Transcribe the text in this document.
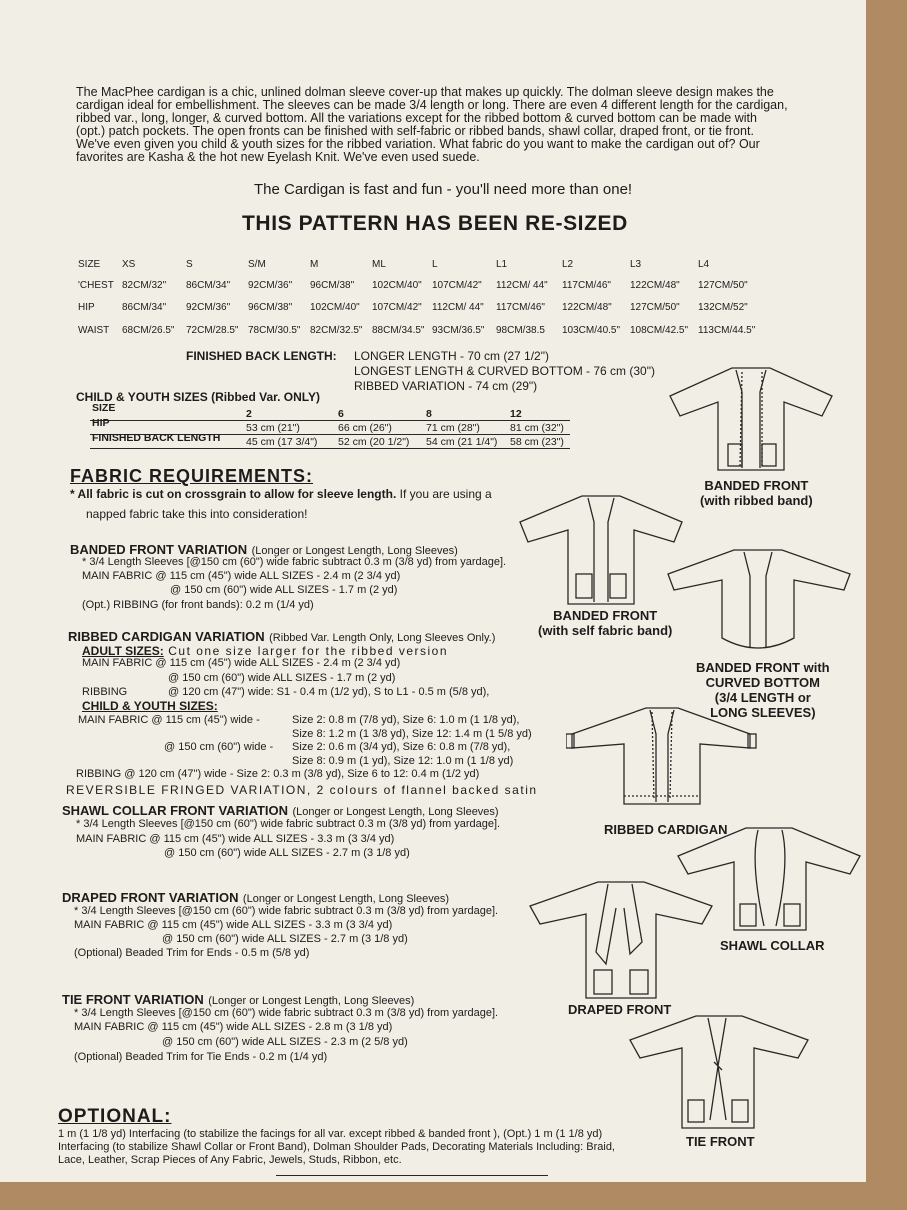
The MacPhee cardigan is a chic, unlined dolman sleeve cover-up that makes up quickly. The dolman sleeve design makes the cardigan ideal for embellishment. The sleeves can be made 3/4 length or long. There are even 4 different length for the cardigan, ribbed var., long, longer, & curved bottom. All the variations except for the ribbed bottom & curved bottom can be made with (opt.) patch pockets. The open fronts can be finished with self-fabric or ribbed bands, shawl collar, draped front, or tie front. We've even given you child & youth sizes for the ribbed variation. What fabric do you want to make the cardigan out of? Our favorites are Kasha & the hot new Eyelash Knit. We've even used suede.
The Cardigan is fast and fun - you'll need more than one!
THIS PATTERN HAS BEEN RE-SIZED
SIZE XS	S	S/M	M	ML	L	L1	L2	L3	L4
'CHEST 82CM/32" 86CM/34" 92CM/36" 96CM/38" 102CM/40" 107CM/42" 112CM/ 44" 117CM/46" 122CM/48" 127CM/50"
HIP	86CM/34" 92CM/36" 96CM/38" 102CM/40" 107CM/42" 112CM/ 44" 117CM/46" 122CM/48" 127CM/50" 132CM/52"
WAIST 68CM/26.5" 72CM/28.5" 78CM/30.5" 82CM/32.5" 88CM/34.5" 93CM/36.5" 98CM/38.5 103CM/40.5" 108CM/42.5" 113CM/44.5"
FINISHED BACK LENGTH: LONGER LENGTH - 70 cm (27 1/2")
LONGEST LENGTH & CURVED BOTTOM - 76 cm (30")
RIBBED VARIATION - 74 cm (29")
CHILD & YOUTH SIZES (Ribbed Var. ONLY)
SIZE	2	6	8	12
HIP	53 cm (21")	66 cm (26")	71 cm (28")	81 cm (32")
FINISHED BACK LENGTH 45 cm (17 3/4") 52 cm (20 1/2") 54 cm (21 1/4") 58 cm (23")
FABRIC REQUIREMENTS:
* All fabric is cut on crossgrain to allow for sleeve length. If you are using a
napped fabric take this into consideration!
BANDED FRONT VARIATION (Longer or Longest Length, Long Sleeves)
* 3/4 Length Sleeves [@150 cm (60") wide fabric subtract 0.3 m (3/8 yd) from yardage].
MAIN FABRIC @ 115 cm (45") wide ALL SIZES - 2.4 m (2 3/4 yd)
@ 150 cm (60") wide ALL SIZES - 1.7 m (2 yd)
(Opt.) RIBBING (for front bands): 0.2 m (1/4 yd)
RIBBED CARDIGAN VARIATION (Ribbed Var. Length Only, Long Sleeves Only.)
ADULT SIZES: Cut one size larger for the ribbed version
MAIN FABRIC @ 115 cm (45") wide ALL SIZES - 2.4 m (2 3/4 yd)
@ 150 cm (60") wide ALL SIZES - 1.7 m (2 yd)
RIBBING	@ 120 cm (47") wide: S1 - 0.4 m (1/2 yd), S to L1 - 0.5 m (5/8 yd),
CHILD & YOUTH SIZES:
MAIN FABRIC @ 115 cm (45") wide -	Size 2: 0.8 m (7/8 yd), Size 6: 1.0 m (1 1/8 yd),
Size 8: 1.2 m (1 3/8 yd), Size 12: 1.4 m (1 5/8 yd)
@ 150 cm (60") wide - Size 2: 0.6 m (3/4 yd), Size 6: 0.8 m (7/8 yd),
Size 8: 0.9 m (1 yd), Size 12: 1.0 m (1 1/8 yd)
RIBBING @ 120 cm (47") wide - Size 2: 0.3 m (3/8 yd), Size 6 to 12: 0.4 m (1/2 yd)
REVERSIBLE FRINGED VARIATION, 2 colours of flannel backed satin
SHAWL COLLAR FRONT VARIATION (Longer or Longest Length, Long Sleeves)
* 3/4 Length Sleeves [@150 cm (60") wide fabric subtract 0.3 m (3/8 yd) from yardage].
MAIN FABRIC @ 115 cm (45") wide ALL SIZES - 3.3 m (3 3/4 yd)
@ 150 cm (60") wide ALL SIZES - 2.7 m (3 1/8 yd)
DRAPED FRONT VARIATION (Longer or Longest Length, Long Sleeves)
* 3/4 Length Sleeves [@150 cm (60") wide fabric subtract 0.3 m (3/8 yd) from yardage].
MAIN FABRIC @ 115 cm (45") wide ALL SIZES - 3.3 m (3 3/4 yd)
@ 150 cm (60") wide ALL SIZES - 2.7 m (3 1/8 yd)
(Optional) Beaded Trim for Ends - 0.5 m (5/8 yd)
TIE FRONT VARIATION (Longer or Longest Length, Long Sleeves)
* 3/4 Length Sleeves [@150 cm (60") wide fabric subtract 0.3 m (3/8 yd) from yardage].
MAIN FABRIC @ 115 cm (45") wide ALL SIZES - 2.8 m (3 1/8 yd)
@ 150 cm (60") wide ALL SIZES - 2.3 m (2 5/8 yd)
(Optional) Beaded Trim for Tie Ends - 0.2 m (1/4 yd)
OPTIONAL:
1 m (1 1/8 yd) Interfacing (to stabilize the facings for all var. except ribbed & banded front ), (Opt.) 1 m (1 1/8 yd)
Interfacing (to stabilize Shawl Collar or Front Band), Dolman Shoulder Pads, Decorating Materials Including: Braid,
Lace, Leather, Scrap Pieces of Any Fabric, Jewels, Studs, Ribbon, etc.
BANDED FRONT
(with ribbed band)
BANDED FRONT
(with self fabric band)
BANDED FRONT with
CURVED BOTTOM
(3/4 LENGTH or
LONG SLEEVES)
RIBBED CARDIGAN
SHAWL COLLAR
DRAPED FRONT
TIE FRONT
